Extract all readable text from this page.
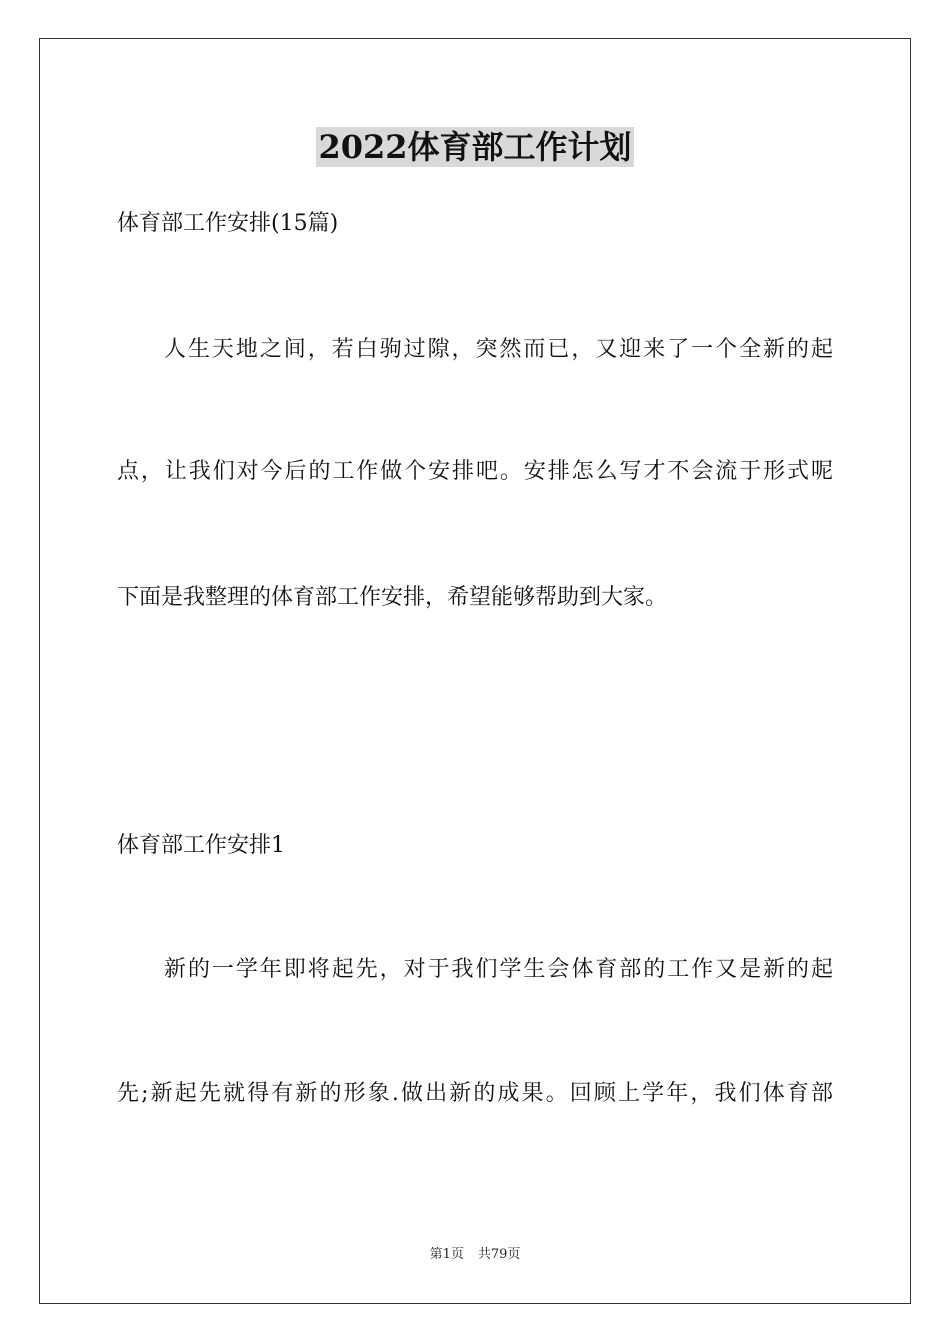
2022体育部工作计划
体育部工作安排(15篇)
人生天地之间，若白驹过隙，突然而已，又迎来了一个全新的起
点，让我们对今后的工作做个安排吧。安排怎么写才不会流于形式呢
下面是我整理的体育部工作安排，希望能够帮助到大家。
体育部工作安排1
新的一学年即将起先，对于我们学生会体育部的工作又是新的起
先;新起先就得有新的形象.做出新的成果。回顾上学年，我们体育部
第1页 共79页
